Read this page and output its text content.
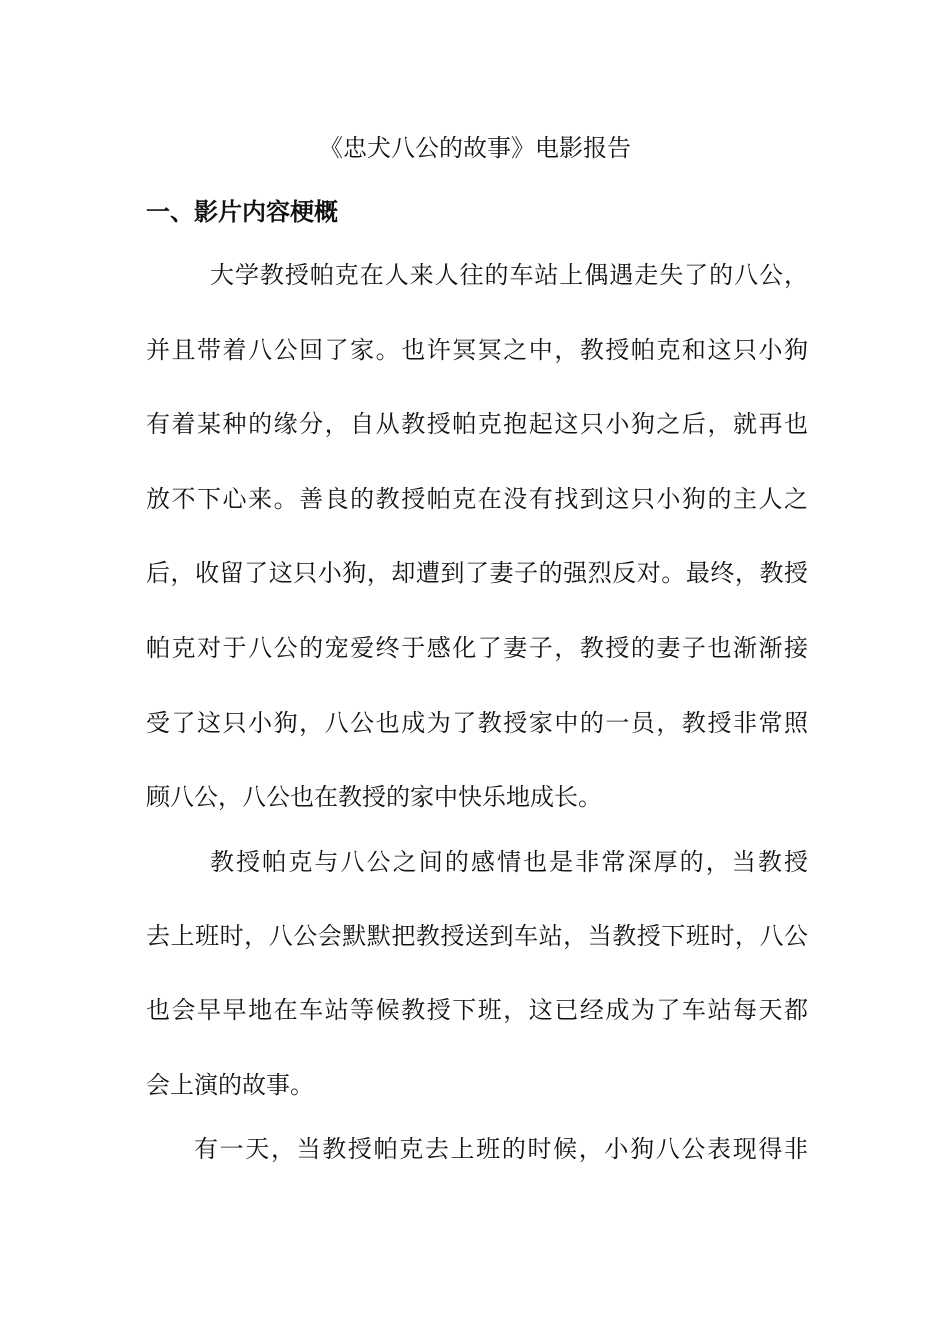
《忠犬八公的故事》电影报告
一、影片内容梗概
大学教授帕克在人来人往的车站上偶遇走失了的八公，
并且带着八公回了家。也许冥冥之中，教授帕克和这只小狗
有着某种的缘分，自从教授帕克抱起这只小狗之后，就再也
放不下心来。善良的教授帕克在没有找到这只小狗的主人之
后，收留了这只小狗，却遭到了妻子的强烈反对。最终，教授
帕克对于八公的宠爱终于感化了妻子，教授的妻子也渐渐接
受了这只小狗，八公也成为了教授家中的一员，教授非常照
顾八公，八公也在教授的家中快乐地成长。
教授帕克与八公之间的感情也是非常深厚的，当教授
去上班时，八公会默默把教授送到车站，当教授下班时，八公
也会早早地在车站等候教授下班，这已经成为了车站每天都
会上演的故事。
有一天，当教授帕克去上班的时候，小狗八公表现得非
